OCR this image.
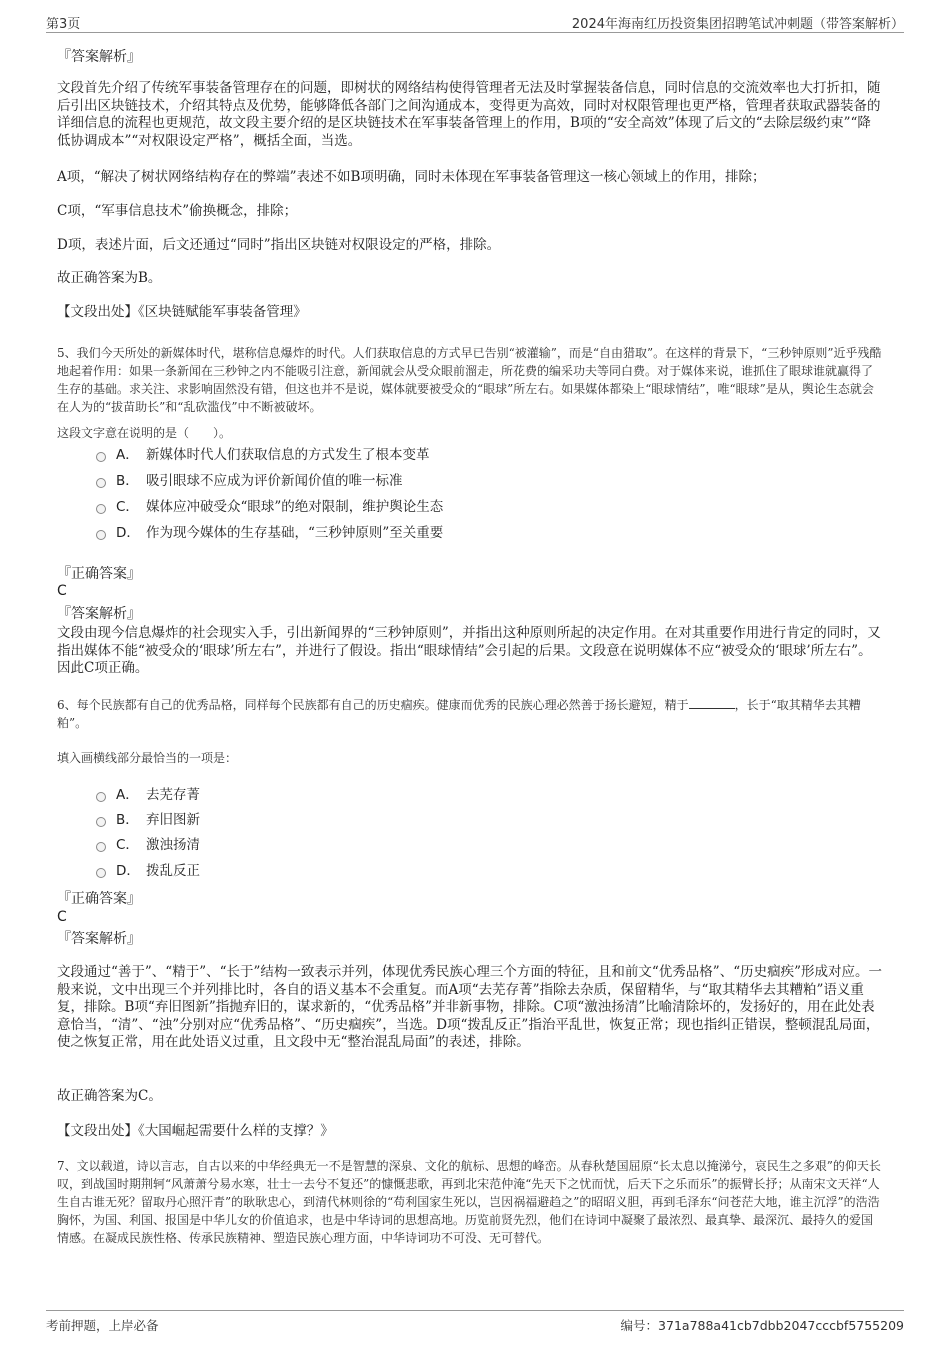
第3页	2024年海南红历投资集团招聘笔试冲刺题（带答案解析）
『答案解析』

文段首先介绍了传统军事装备管理存在的问题，即树状的网络结构使得管理者无法及时掌握装备信息，同时信息的交流效率也大打折扣，随后引出区块链技术，介绍其特点及优势，能够降低各部门之间沟通成本，变得更为高效，同时对权限管理也更严格，管理者获取武器装备的详细信息的流程也更规范，故文段主要介绍的是区块链技术在军事装备管理上的作用，B项的“安全高效”体现了后文的“去除层级约束”“降低协调成本”“对权限设定严格”，概括全面，当选。

A项，“解决了树状网络结构存在的弊端”表述不如B项明确，同时未体现在军事装备管理这一核心领域上的作用，排除；

C项，“军事信息技术”偷换概念，排除；

D项，表述片面，后文还通过“同时”指出区块链对权限设定的严格，排除。

故正确答案为B。

【文段出处】《区块链赋能军事装备管理》

5、我们今天所处的新媒体时代，堪称信息爆炸的时代。人们获取信息的方式早已告别“被灌输”，而是“自由猎取”。在这样的背景下，“三秒钟原则”近乎残酷地起着作用：如果一条新闻在三秒钟之内不能吸引注意，新闻就会从受众眼前溜走，所花费的编采功夫等同白费。对于媒体来说，谁抓住了眼球谁就赢得了生存的基础。求关注、求影响固然没有错，但这也并不是说，媒体就要被受众的“眼球”所左右。如果媒体都染上“眼球情结”，唯“眼球”是从，舆论生态就会在人为的“拔苗助长”和“乱砍滥伐”中不断被破坏。

这段文字意在说明的是（　　）。

A． 新媒体时代人们获取信息的方式发生了根本变革
B． 吸引眼球不应成为评价新闻价值的唯一标准
C． 媒体应冲破受众“眼球”的绝对限制，维护舆论生态
D． 作为现今媒体的生存基础，“三秒钟原则”至关重要
『正确答案』
C
『答案解析』

文段由现今信息爆炸的社会现实入手，引出新闻界的“三秒钟原则”，并指出这种原则所起的决定作用。在对其重要作用进行肯定的同时，又指出媒体不能“被受众的‘眼球’所左右”，并进行了假设。指出“眼球情结”会引起的后果。文段意在说明媒体不应“被受众的‘眼球’所左右”。因此C项正确。

6、每个民族都有自己的优秀品格，同样每个民族都有自己的历史痼疾。健康而优秀的民族心理必然善于扬长避短，精于	，长于“取其精华去其糟粕”。

填入画横线部分最恰当的一项是：

A． 去芜存菁
B． 弃旧图新
C． 激浊扬清
D． 拨乱反正
『正确答案』
C
『答案解析』

文段通过“善于”、“精于”、“长于”结构一致表示并列，体现优秀民族心理三个方面的特征，且和前文“优秀品格”、“历史痼疾”形成对应。一般来说，文中出现三个并列排比时，各自的语义基本不会重复。而A项“去芜存菁”指除去杂质，保留精华，与“取其精华去其糟粕”语义重复，排除。B项“弃旧图新”指抛弃旧的，谋求新的，“优秀品格”并非新事物，排除。C项“激浊扬清”比喻清除坏的，发扬好的，用在此处表意恰当，“清”、“浊”分别对应“优秀品格”、“历史痼疾”，当选。D项“拨乱反正”指治平乱世，恢复正常；现也指纠正错误，整顿混乱局面，使之恢复正常，用在此处语义过重，且文段中无“整治混乱局面”的表述，排除。

故正确答案为C。

【文段出处】《大国崛起需要什么样的支撑？》

7、文以载道，诗以言志，自古以来的中华经典无一不是智慧的深泉、文化的航标、思想的峰峦。从春秋楚国屈原“长太息以掩涕兮，哀民生之多艰”的仰天长叹，到战国时期荆轲“风萧萧兮易水寒，壮士一去兮不复还”的慷慨悲歌，再到北宋范仲淹“先天下之忧而忧，后天下之乐而乐”的振臂长抒；从南宋文天祥“人生自古谁无死？留取丹心照汗青”的耿耿忠心，到清代林则徐的“苟利国家生死以，岂因祸福避趋之”的昭昭义胆，再到毛泽东“问苍茫大地，谁主沉浮”的浩浩胸怀，为国、利国、报国是中华儿女的价值追求，也是中华诗词的思想高地。历览前贤先烈，他们在诗词中凝聚了最浓烈、最真挚、最深沉、最持久的爱国情感。在凝成民族性格、传承民族精神、塑造民族心理方面，中华诗词功不可没、无可替代。

考前押题，上岸必备	编号：371a788a41cb7dbb2047cccbf5755209
